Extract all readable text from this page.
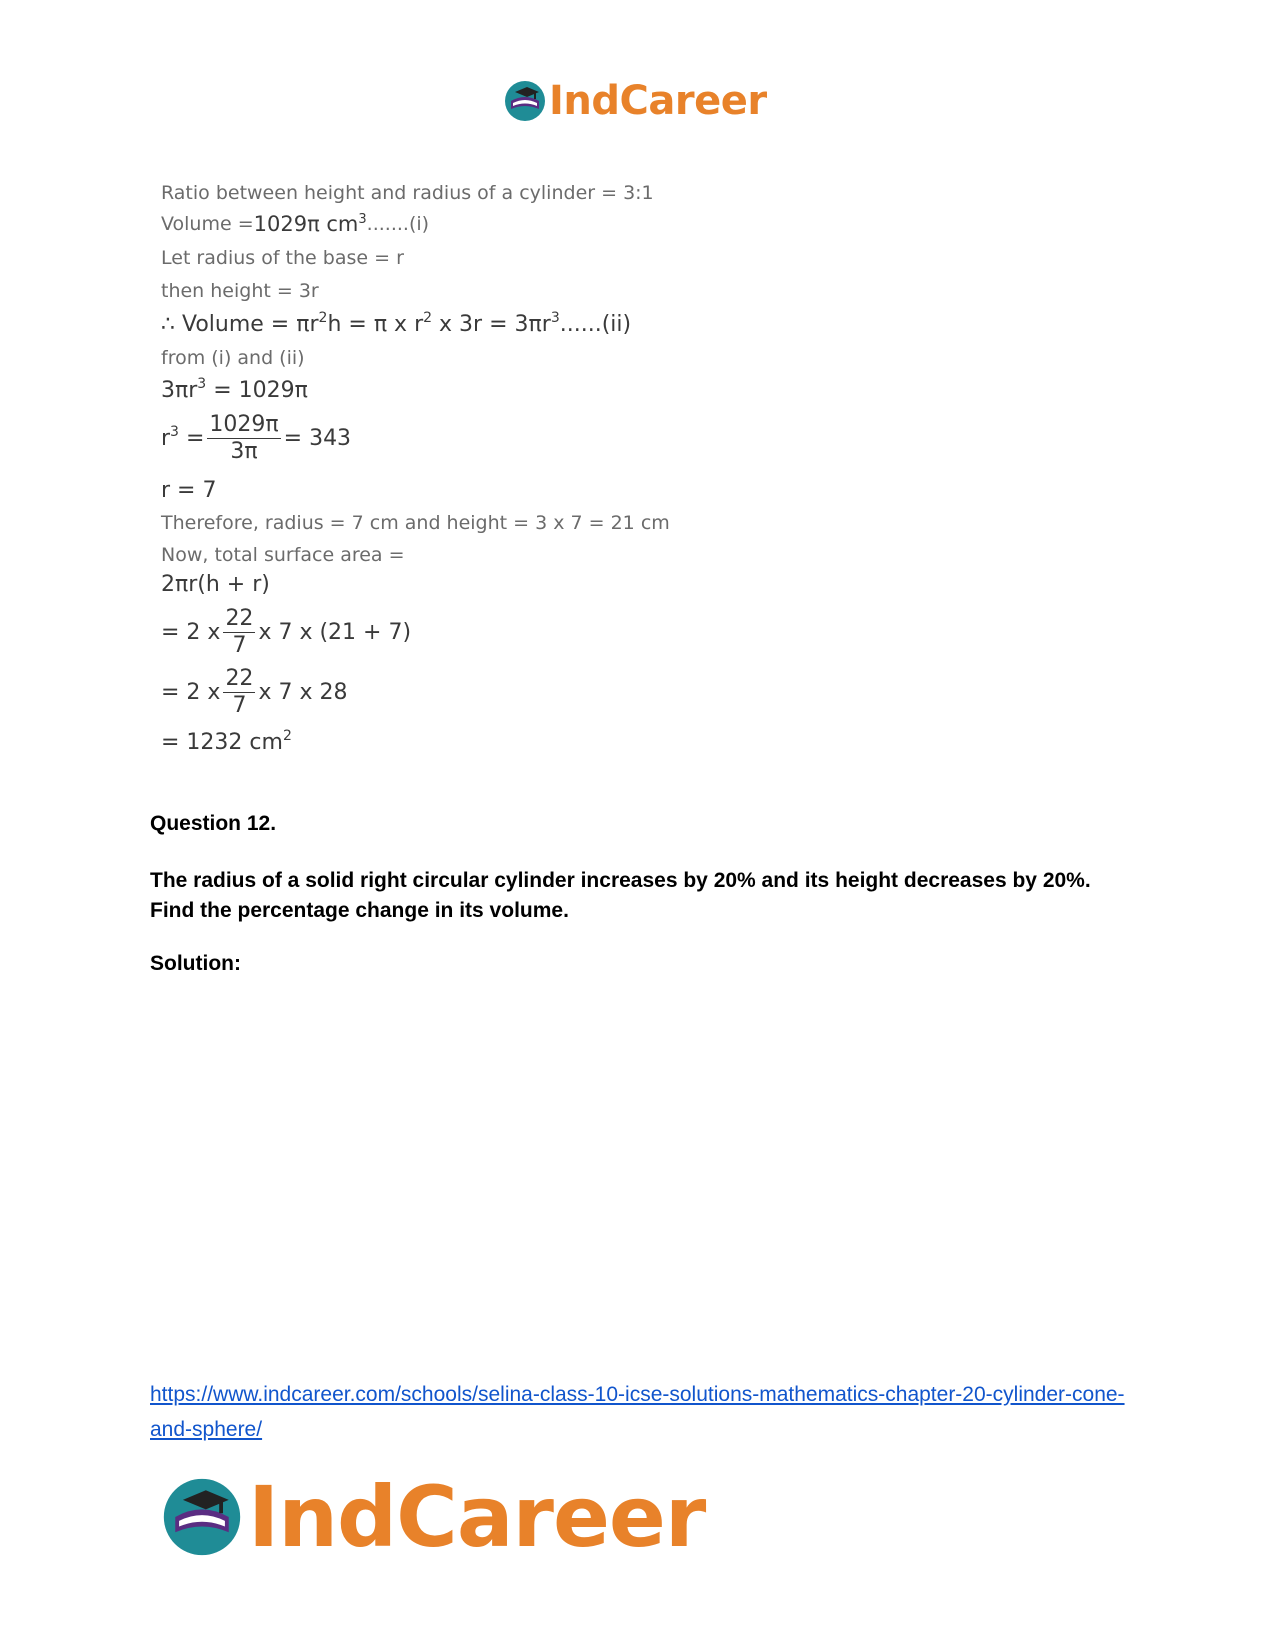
IndCareer
Ratio between height and radius of a cylinder = 3:1
Volume = 1029π $cm^3$ .......(i)
Let radius of the base = r
then height = 3r
∴ Volume = $\pi r^2h = \pi$ x $r^2$ x $3r = 3\pi r^3......(ii)$
from (i) and (ii)
$3\pi r^3 = 1029\pi$
$r^3 = \frac{1029\pi}{3\pi} = 343$
r = 7
Therefore, radius = 7 cm and height = 3 x 7 = 21 cm
Now, total surface area =
2πr(h + r)
= 2 x $\frac{22}{7}$ x 7 x (21 + 7)
= 2 x $\frac{22}{7}$ x 7 x 28
= 1232 $cm^2$
Question 12.
The radius of a solid right circular cylinder increases by 20% and its height decreases by 20%. Find the percentage change in its volume.
Solution:
https://www.indcareer.com/schools/selina-class-10-icse-solutions-mathematics-chapter-20-cylinder-cone-and-sphere/
IndCareer
